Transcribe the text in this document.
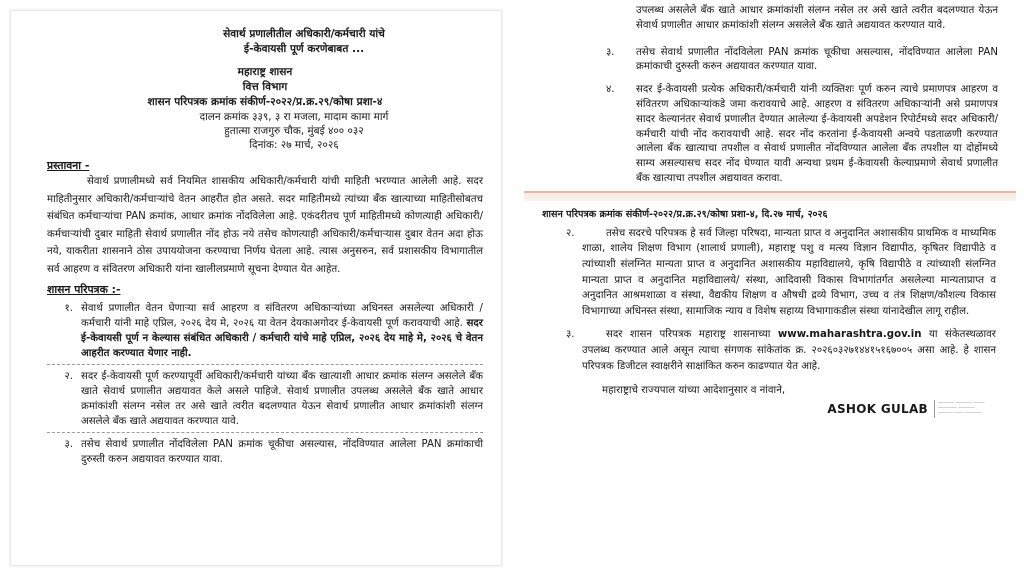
सेवार्थ प्रणालीतील अधिकारी/कर्मचारी यांचे
ई-केवायसी पूर्ण करणेबाबत ...
महाराष्ट्र शासन
वित्त विभाग
शासन परिपत्रक क्रमांक संकीर्ण-२०२२/प्र.क्र.२९/कोषा प्रशा-४
दालन क्रमांक ३३९, ३ रा मजला, मादाम कामा मार्ग
हुतात्मा राजगुरु चौक, मुंबई ४०० ०३२
दिनांक: २७ मार्च, २०२६
प्रस्तावना -
सेवार्थ प्रणालीमध्ये सर्व नियमित शासकीय अधिकारी/कर्मचारी यांची माहिती भरण्यात आलेली आहे. सदर माहितीनुसार अधिकारी/कर्मचाऱ्यांचे वेतन आहरीत होत असते. सदर माहितीमध्ये त्यांच्या बँक खात्याच्या माहितीसोबतच संबंधित कर्मचाऱ्यांचा PAN क्रमांक, आधार क्रमांक नोंदविलेला आहे. एकंदरीतच पूर्ण माहितीमध्ये कोणत्याही अधिकारी/कर्मचाऱ्यांची दुबार माहिती सेवार्थ प्रणालीत नोंद होऊ नये तसेच कोणत्याही अधिकारी/कर्मचाऱ्यास दुबार वेतन अदा होऊ नये, याकरीता शासनाने ठोस उपाययोजना करण्याचा निर्णय घेतला आहे. त्यास अनुसरुन, सर्व प्रशासकीय विभागातील सर्व आहरण व संवितरण अधिकारी यांना खालीलप्रमाणे सूचना देण्यात येत आहेत.
शासन परिपत्रक :-
१. सेवार्थ प्रणालीत वेतन घेणाऱ्या सर्व आहरण व संवितरण अधिकाऱ्यांच्या अधिनस्त असलेल्या अधिकारी / कर्मचारी यांनी माहे एप्रिल, २०२६ देय मे, २०२६ या वेतन देयकाअगोदर ई-केवायसी पूर्ण करावयाची आहे. सदर ई-केवायसी पूर्ण न केल्यास संबंधित अधिकारी / कर्मचारी यांचे माहे एप्रिल, २०२६ देय माहे मे, २०२६ चे वेतन आहरीत करण्यात येणार नाही.
२. सदर ई-केवायसी पूर्ण करण्यापूर्वी अधिकारी/कर्मचारी यांच्या बँक खात्याशी आधार क्रमांक संलग्न असलेले बँक खाते सेवार्थ प्रणालीत अद्ययावत केले असले पाहिजे. सेवार्थ प्रणालीत उपलब्ध असलेले बँक खाते आधार क्रमांकांशी संलग्न नसेल तर असे खाते त्वरीत बदलण्यात येऊन सेवार्थ प्रणालीत आधार क्रमांकांशी संलग्न असलेले बँक खाते अद्ययावत करण्यात यावे.
३. तसेच सेवार्थ प्रणालीत नोंदविलेला PAN क्रमांक चूकीचा असल्यास, नोंदविण्यात आलेला PAN क्रमांकाची दुरुस्ती करुन अद्ययावत करण्यात यावा.
उपलब्ध असलेले बँक खाते आधार क्रमांकांशी संलग्न नसेल तर असे खाते त्वरीत बदलण्यात येऊन सेवार्थ प्रणालीत आधार क्रमांकांशी संलग्न असलेले बँक खाते अद्ययावत करण्यात यावे.
३.	तसेच सेवार्थ प्रणालीत नोंदविलेला PAN क्रमांक चूकीचा असल्यास, नोंदविण्यात आलेला PAN क्रमांकाची दुरुस्ती करुन अद्ययावत करण्यात यावा.
४.	सदर ई-केवायसी प्रत्येक अधिकारी/कर्मचारी यांनी व्यक्तिशः पूर्ण करुन त्याचे प्रमाणपत्र आहरण व संवितरण अधिकाऱ्यांकडे जमा करावयाचे आहे. आहरण व संवितरण अधिकाऱ्यांनी असे प्रमाणपत्र सादर केल्यानंतर सेवार्थ प्रणालीत देण्यात आलेल्या ई-केवायसी अपडेशन रिपोर्टमध्ये सदर अधिकारी/ कर्मचारी यांची नोंद करावयाची आहे. सदर नोंद करतांना ई-केवायसी अन्वये पडताळणी करण्यात आलेला बँक खात्याचा तपशील व सेवार्थ प्रणालीत नोंदविण्यात आलेला बँक तपशील या दोहोंमध्ये साम्य असल्यासच सदर नोंद घेण्यात यावी अन्यथा प्रथम ई-केवायसी केल्याप्रमाणे सेवार्थ प्रणालीत बँक खात्याचा तपशील अद्ययावत करावा.
शासन परिपत्रक क्रमांक संकीर्ण-२०२२/प्र.क्र.२९/कोषा प्रशा-४, दि.२७ मार्च, २०२६
२.	तसेच सदरचे परिपत्रक हे सर्व जिल्हा परिषदा, मान्यता प्राप्त व अनुदानित अशासकीय प्राथमिक व माध्यमिक शाळा, शालेय शिक्षण विभाग (शालार्थ प्रणाली), महाराष्ट्र पशु व मत्स्य विज्ञान विद्यापीठ, कृषितर विद्यापीठे व त्यांच्याशी संलग्नित मान्यता प्राप्त व अनुदानित अशासकीय महाविद्यालये, कृषि विद्यापीठे व त्यांच्याशी संलग्नित मान्यता प्राप्त व अनुदानित महाविद्यालये/ संस्था, आदिवासी विकास विभागांतर्गत असलेल्या मान्यताप्राप्त व अनुदानित आश्रमशाळा व संस्था, वैद्यकीय शिक्षण व औषधी द्रव्ये विभाग, उच्च व तंत्र शिक्षण/कौशल्य विकास विभागाच्या अधिनस्त संस्था, सामाजिक न्याय व विशेष सहाय्य विभागाकडील संस्था यांनादेखील लागू राहील.
३.	सदर शासन परिपत्रक महाराष्ट्र शासनाच्या www.maharashtra.gov.in या संकेतस्थळावर उपलब्ध करण्यात आले असून त्याचा संगणक सांकेतांक क्र. २०२६०३२७१४४१५१६७००५ असा आहे. हे शासन परिपत्रक डिजीटल स्वाक्षरीने साक्षांकित करुन काढण्यात येत आहे.
महाराष्ट्राचे राज्यपाल यांच्या आदेशानुसार व नांवाने,
ASHOK GULAB	────── ────── ──── ─────── ────── ───── ──── ──────
